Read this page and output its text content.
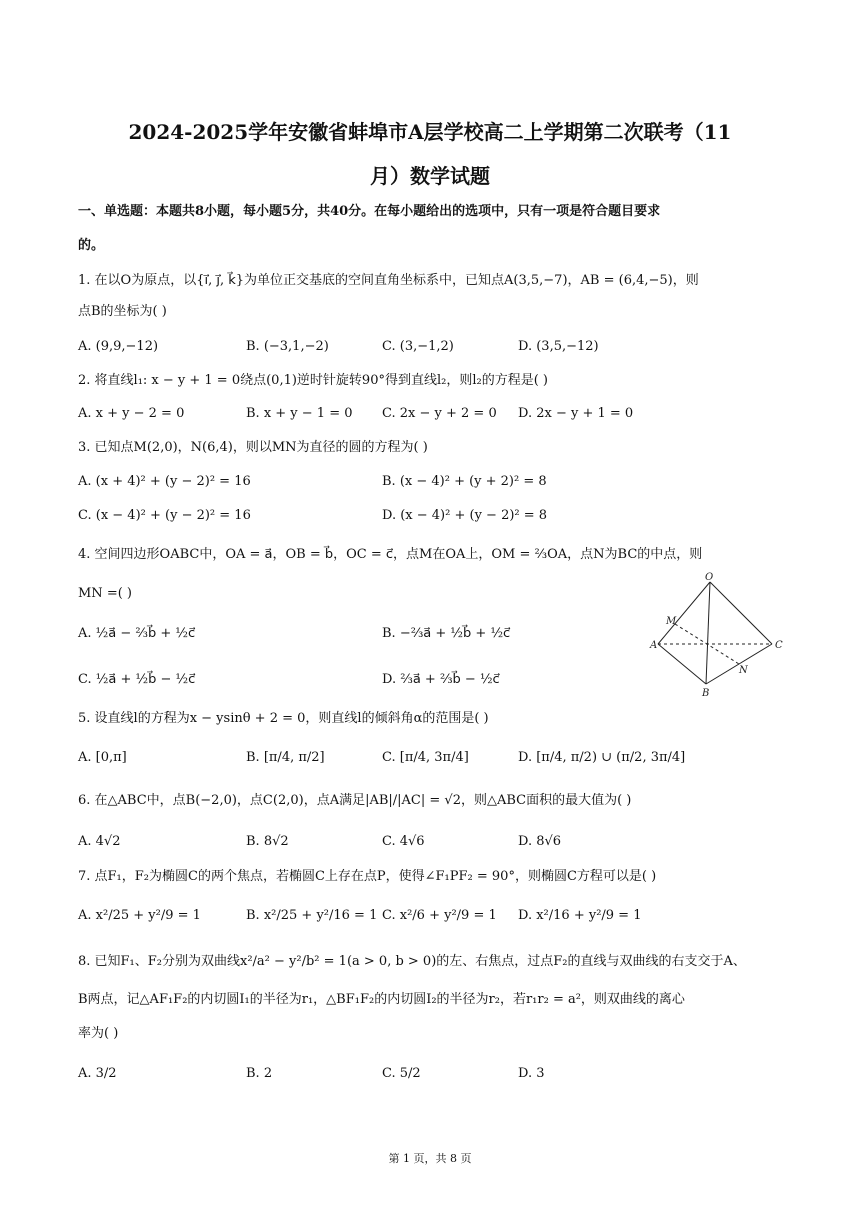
2024-2025学年安徽省蚌埠市A层学校高二上学期第二次联考（11
月）数学试题
一、单选题：本题共8小题，每小题5分，共40分。在每小题给出的选项中，只有一项是符合题目要求
的。
1. 在以O为原点，以{i⃗, j⃗, k⃗}为单位正交基底的空间直角坐标系中，已知点A(3,5,−7)，AB = (6,4,−5)，则
点B的坐标为( )
A. (9,9,−12)	B. (−3,1,−2)	C. (3,−1,2)	D. (3,5,−12)
2. 将直线l₁: x − y + 1 = 0绕点(0,1)逆时针旋转90°得到直线l₂，则l₂的方程是( )
A. x + y − 2 = 0	B. x + y − 1 = 0 C. 2x − y + 2 = 0 D. 2x − y + 1 = 0
3. 已知点M(2,0)，N(6,4)，则以MN为直径的圆的方程为( )
A. (x + 4)² + (y − 2)² = 16	B. (x − 4)² + (y + 2)² = 8
C. (x − 4)² + (y − 2)² = 16	D. (x − 4)² + (y − 2)² = 8
4. 空间四边形OABC中，OA = a⃗，OB = b⃗，OC = c⃗，点M在OA上，OM = ⅔OA，点N为BC的中点，则
MN =( )
A. ½a⃗ − ⅔b⃗ + ½c⃗	B. −⅔a⃗ + ½b⃗ + ½c⃗
C. ½a⃗ + ½b⃗ − ½c⃗	D. ⅔a⃗ + ⅔b⃗ − ½c⃗
O
M
A	C
N
B
5. 设直线l的方程为x − ysinθ + 2 = 0，则直线l的倾斜角α的范围是( )
A. [0,π]	B. [π/4, π/2]	C. [π/4, 3π/4]	D. [π/4, π/2) ∪ (π/2, 3π/4]
6. 在△ABC中，点B(−2,0)，点C(2,0)，点A满足|AB|/|AC| = √2，则△ABC面积的最大值为( )
A. 4√2	B. 8√2	C. 4√6	D. 8√6
7. 点F₁，F₂为椭圆C的两个焦点，若椭圆C上存在点P，使得∠F₁PF₂ = 90°，则椭圆C方程可以是( )
A. x²/25 + y²/9 = 1	B. x²/25 + y²/16 = 1 C. x²/6 + y²/9 = 1 D. x²/16 + y²/9 = 1
8. 已知F₁、F₂分别为双曲线x²/a² − y²/b² = 1(a > 0, b > 0)的左、右焦点，过点F₂的直线与双曲线的右支交于A、
B两点，记△AF₁F₂的内切圆I₁的半径为r₁，△BF₁F₂的内切圆I₂的半径为r₂，若r₁r₂ = a²，则双曲线的离心
率为( )
A. 3/2	B. 2	C. 5/2	D. 3
第 1 页，共 8 页
